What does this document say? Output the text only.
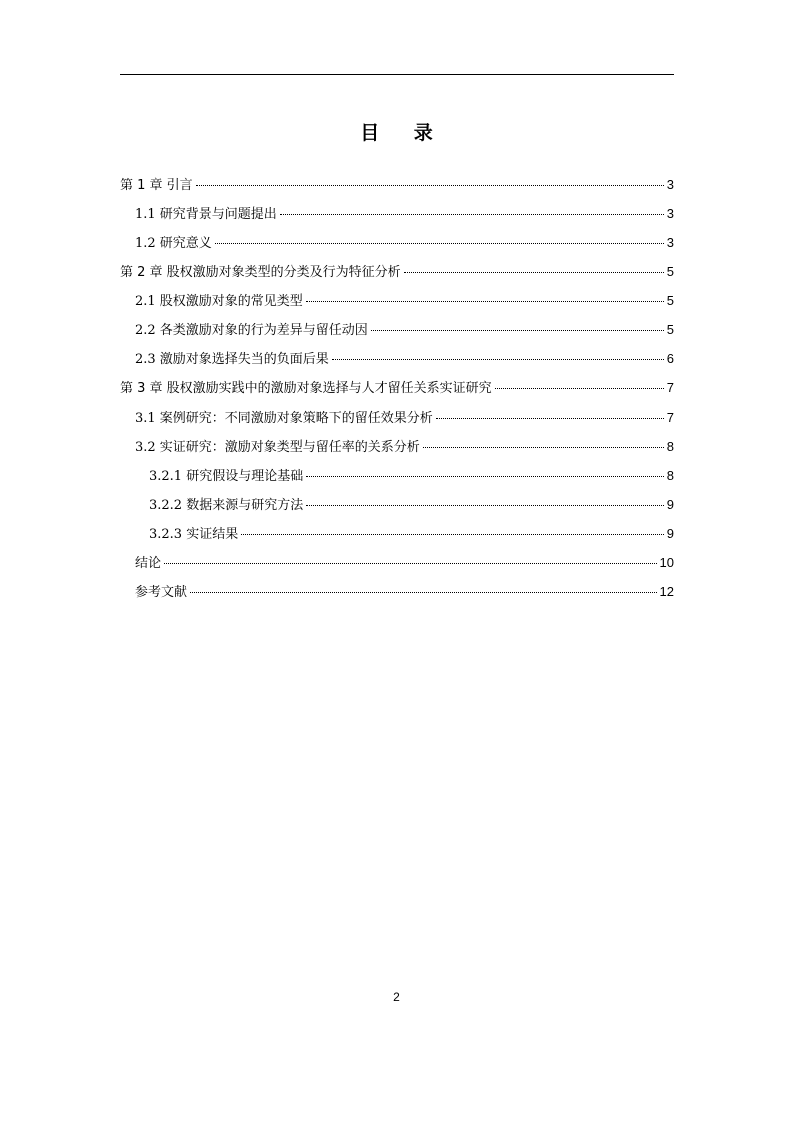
目 录
第 1 章 引言	3
1.1 研究背景与问题提出	3
1.2 研究意义	3
第 2 章 股权激励对象类型的分类及行为特征分析	5
2.1 股权激励对象的常见类型	5
2.2 各类激励对象的行为差异与留任动因	5
2.3 激励对象选择失当的负面后果	6
第 3 章 股权激励实践中的激励对象选择与人才留任关系实证研究	7
3.1 案例研究：不同激励对象策略下的留任效果分析	7
3.2 实证研究：激励对象类型与留任率的关系分析	8
3.2.1 研究假设与理论基础	8
3.2.2 数据来源与研究方法	9
3.2.3 实证结果	9
结论	10
参考文献	12
2
